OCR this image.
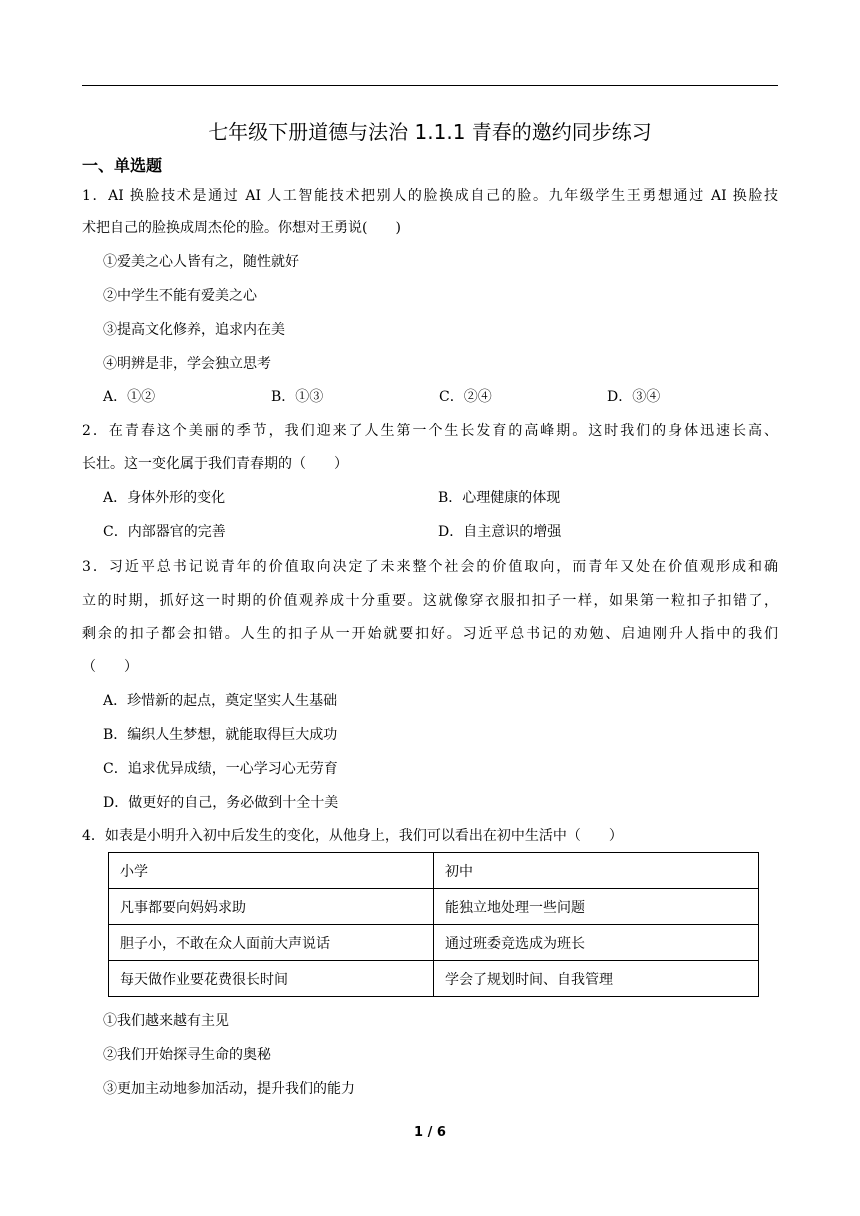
七年级下册道德与法治 1.1.1 青春的邀约同步练习
一、单选题
1．AI 换脸技术是通过 AI 人工智能技术把别人的脸换成自己的脸。九年级学生王勇想通过 AI 换脸技
术把自己的脸换成周杰伦的脸。你想对王勇说(　　)
①爱美之心人皆有之，随性就好
②中学生不能有爱美之心
③提高文化修养，追求内在美
④明辨是非，学会独立思考
A．①②	B．①③	C．②④	D．③④
2．在青春这个美丽的季节，我们迎来了人生第一个生长发育的高峰期。这时我们的身体迅速长高、
长壮。这一变化属于我们青春期的（　　）
A．身体外形的变化	B．心理健康的体现
C．内部器官的完善	D．自主意识的增强
3．习近平总书记说青年的价值取向决定了未来整个社会的价值取向，而青年又处在价值观形成和确
立的时期，抓好这一时期的价值观养成十分重要。这就像穿衣服扣扣子一样，如果第一粒扣子扣错了，
剩余的扣子都会扣错。人生的扣子从一开始就要扣好。习近平总书记的劝勉、启迪刚升人指中的我们
（　　）
A．珍惜新的起点，奠定坚实人生基础
B．编织人生梦想，就能取得巨大成功
C．追求优异成绩，一心学习心无劳育
D．做更好的自己，务必做到十全十美
4．如表是小明升入初中后发生的变化，从他身上，我们可以看出在初中生活中（　　）
小学	初中
凡事都要向妈妈求助	能独立地处理一些问题
胆子小，不敢在众人面前大声说话	通过班委竞选成为班长
每天做作业要花费很长时间	学会了规划时间、自我管理
①我们越来越有主见
②我们开始探寻生命的奥秘
③更加主动地参加活动，提升我们的能力
1 / 6
